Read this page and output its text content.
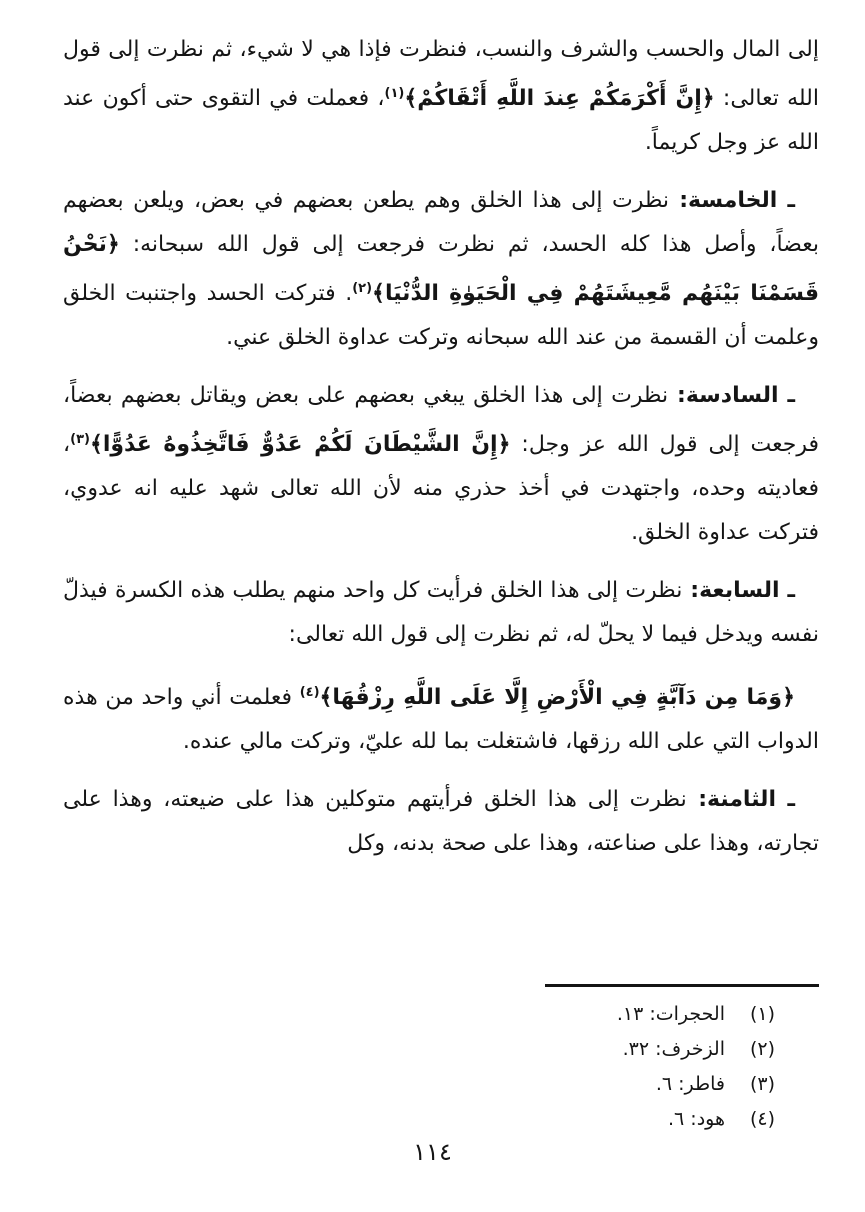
إلى المال والحسب والشرف والنسب، فنظرت فإذا هي لا شيء، ثم نظرت إلى قول الله تعالى: ﴿إِنَّ أَكْرَمَكُمْ عِندَ اللَّهِ أَتْقَاكُمْ﴾$^{(١)}$، فعملت في التقوى حتى أكون عند الله عز وجل كريماً.

ـ الخامسة: نظرت إلى هذا الخلق وهم يطعن بعضهم في بعض، ويلعن بعضهم بعضاً، وأصل هذا كله الحسد، ثم نظرت فرجعت إلى قول الله سبحانه: ﴿نَحْنُ قَسَمْنَا بَيْنَهُم مَّعِيشَتَهُمْ فِي الْحَيَوٰةِ الدُّنْيَا﴾$^{(٢)}$. فتركت الحسد واجتنبت الخلق وعلمت أن القسمة من عند الله سبحانه وتركت عداوة الخلق عني.

ـ السادسة: نظرت إلى هذا الخلق يبغي بعضهم على بعض ويقاتل بعضهم بعضاً، فرجعت إلى قول الله عز وجل: ﴿إِنَّ الشَّيْطَانَ لَكُمْ عَدُوٌّ فَاتَّخِذُوهُ عَدُوًّا﴾$^{(٣)}$، فعاديته وحده، واجتهدت في أخذ حذري منه لأن الله تعالى شهد عليه انه عدوي، فتركت عداوة الخلق.

ـ السابعة: نظرت إلى هذا الخلق فرأيت كل واحد منهم يطلب هذه الكسرة فيذلّ نفسه ويدخل فيما لا يحلّ له، ثم نظرت إلى قول الله تعالى:

﴿وَمَا مِن دَآبَّةٍ فِي الْأَرْضِ إِلَّا عَلَى اللَّهِ رِزْقُهَا﴾$^{(٤)}$ فعلمت أني واحد من هذه الدواب التي على الله رزقها، فاشتغلت بما لله عليّ، وتركت مالي عنده.

ـ الثامنة: نظرت إلى هذا الخلق فرأيتهم متوكلين هذا على ضيعته، وهذا على تجارته، وهذا على صناعته، وهذا على صحة بدنه، وكل

(١)
الحجرات: ١٣.
(٢)
الزخرف: ٣٢.
(٣)
فاطر: ٦.
(٤)
هود: ٦.
١١٤
